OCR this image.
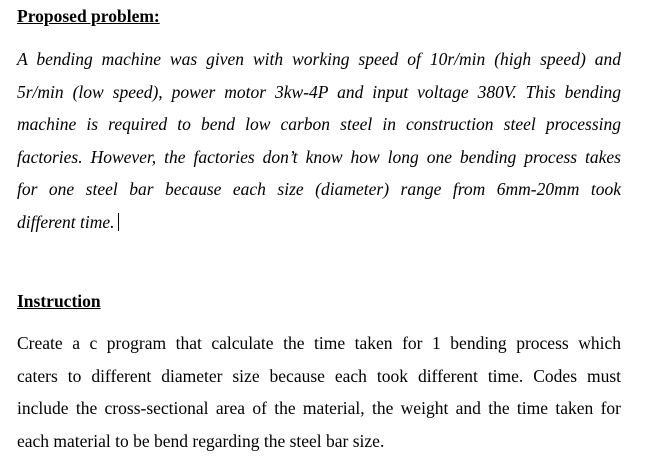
Proposed problem:

A bending machine was given with working speed of 10r/min (high speed) and
5r/min (low speed), power motor 3kw-4P and input voltage 380V. This bending
machine is required to bend low carbon steel in construction steel processing
factories. However, the factories don’t know how long one bending process takes
for one steel bar because each size (diameter) range from 6mm-20mm took
different time.

Instruction

Create a c program that calculate the time taken for 1 bending process which
caters to different diameter size because each took different time. Codes must
include the cross-sectional area of the material, the weight and the time taken for
each material to be bend regarding the steel bar size.
